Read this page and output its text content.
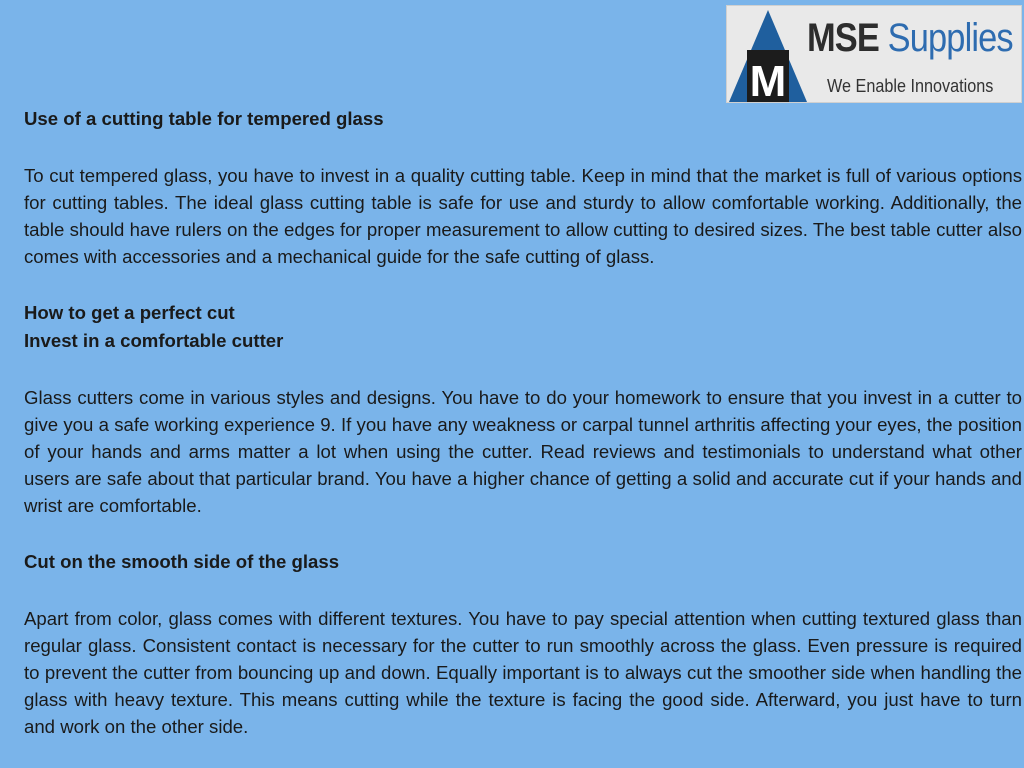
M
MSE Supplies
We Enable Innovations
Use of a cutting table for tempered glass

To cut tempered glass, you have to invest in a quality cutting table. Keep in mind that the market is full of various options for cutting tables. The ideal glass cutting table is safe for use and sturdy to allow comfortable working. Additionally, the table should have rulers on the edges for proper measurement to allow cutting to desired sizes. The best table cutter also comes with accessories and a mechanical guide for the safe cutting of glass.

How to get a perfect cut
Invest in a comfortable cutter

Glass cutters come in various styles and designs. You have to do your homework to ensure that you invest in a cutter to give you a safe working experience 9. If you have any weakness or carpal tunnel arthritis affecting your eyes, the position of your hands and arms matter a lot when using the cutter. Read reviews and testimonials to understand what other users are safe about that particular brand. You have a higher chance of getting a solid and accurate cut if your hands and wrist are comfortable.

Cut on the smooth side of the glass

Apart from color, glass comes with different textures. You have to pay special attention when cutting textured glass than regular glass. Consistent contact is necessary for the cutter to run smoothly across the glass. Even pressure is required to prevent the cutter from bouncing up and down. Equally important is to always cut the smoother side when handling the glass with heavy texture. This means cutting while the texture is facing the good side. Afterward, you just have to turn and work on the other side.
